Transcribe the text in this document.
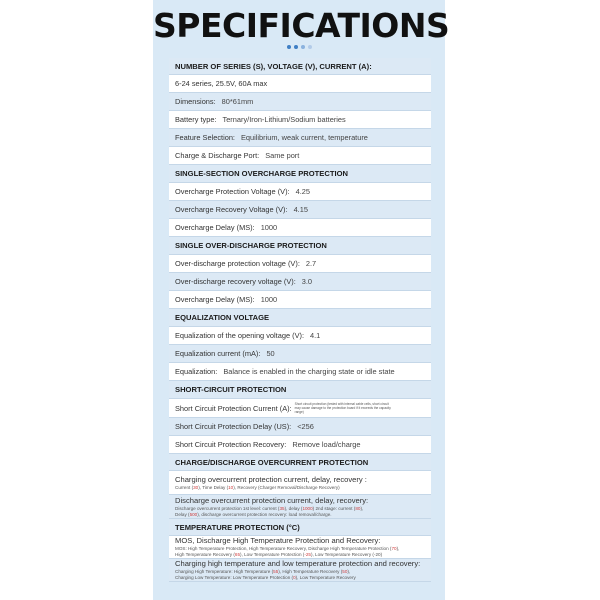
SPECIFICATIONS
NUMBER OF SERIES (S), VOLTAGE (V), CURRENT (A):
6-24 series, 25.5V, 60A max
Dimensions: 80*61mm
Battery type: Ternary/Iron-Lithium/Sodium batteries
Feature Selection: Equilibrium, weak current, temperature
Charge & Discharge Port: Same port
SINGLE-SECTION OVERCHARGE PROTECTION
Overcharge Protection Voltage (V): 4.25
Overcharge Recovery Voltage (V): 4.15
Overcharge Delay (MS): 1000
SINGLE OVER-DISCHARGE PROTECTION
Over-discharge protection voltage (V): 2.7
Over-discharge recovery voltage (V): 3.0
Overcharge Delay (MS): 1000
EQUALIZATION VOLTAGE
Equalization of the opening voltage (V): 4.1
Equalization current (mA): 50
Equalization: Balance is enabled in the charging state or idle state
SHORT-CIRCUIT PROTECTION
Short Circuit Protection Current (A): Short circuit protection (tested with internal cable cells, short circuit may cause damage to the protection board if it exceeds the capacity range)
Short Circuit Protection Delay (US): <256
Short Circuit Protection Recovery: Remove load/charge
CHARGE/DISCHARGE OVERCURRENT PROTECTION
Charging overcurrent protection current, delay, recovery :
Current (30), Time Delay (10), Recovery (Charger Removal/Discharge Recovery)
Discharge overcurrent protection current, delay, recovery:
Discharge overcurrent protection 1st level: current (35), delay (1000) 2nd stage: current (80),
Delay (500), discharge overcurrent protection recovery: load removal/charge.
TEMPERATURE PROTECTION (°C)
MOS, Discharge High Temperature Protection and Recovery:
MOS: High Temperature Protection, High Temperature Recovery, Discharge High Temperature Protection (70),
High Temperature Recovery (65), Low Temperature Protection (-25), Low Temperature Recovery (-20)
Charging high temperature and low temperature protection and recovery:
Charging High Temperature: High Temperature (55), High Temperature Recovery (50),
Charging Low Temperature: Low Temperature Protection (0), Low Temperature Recovery
